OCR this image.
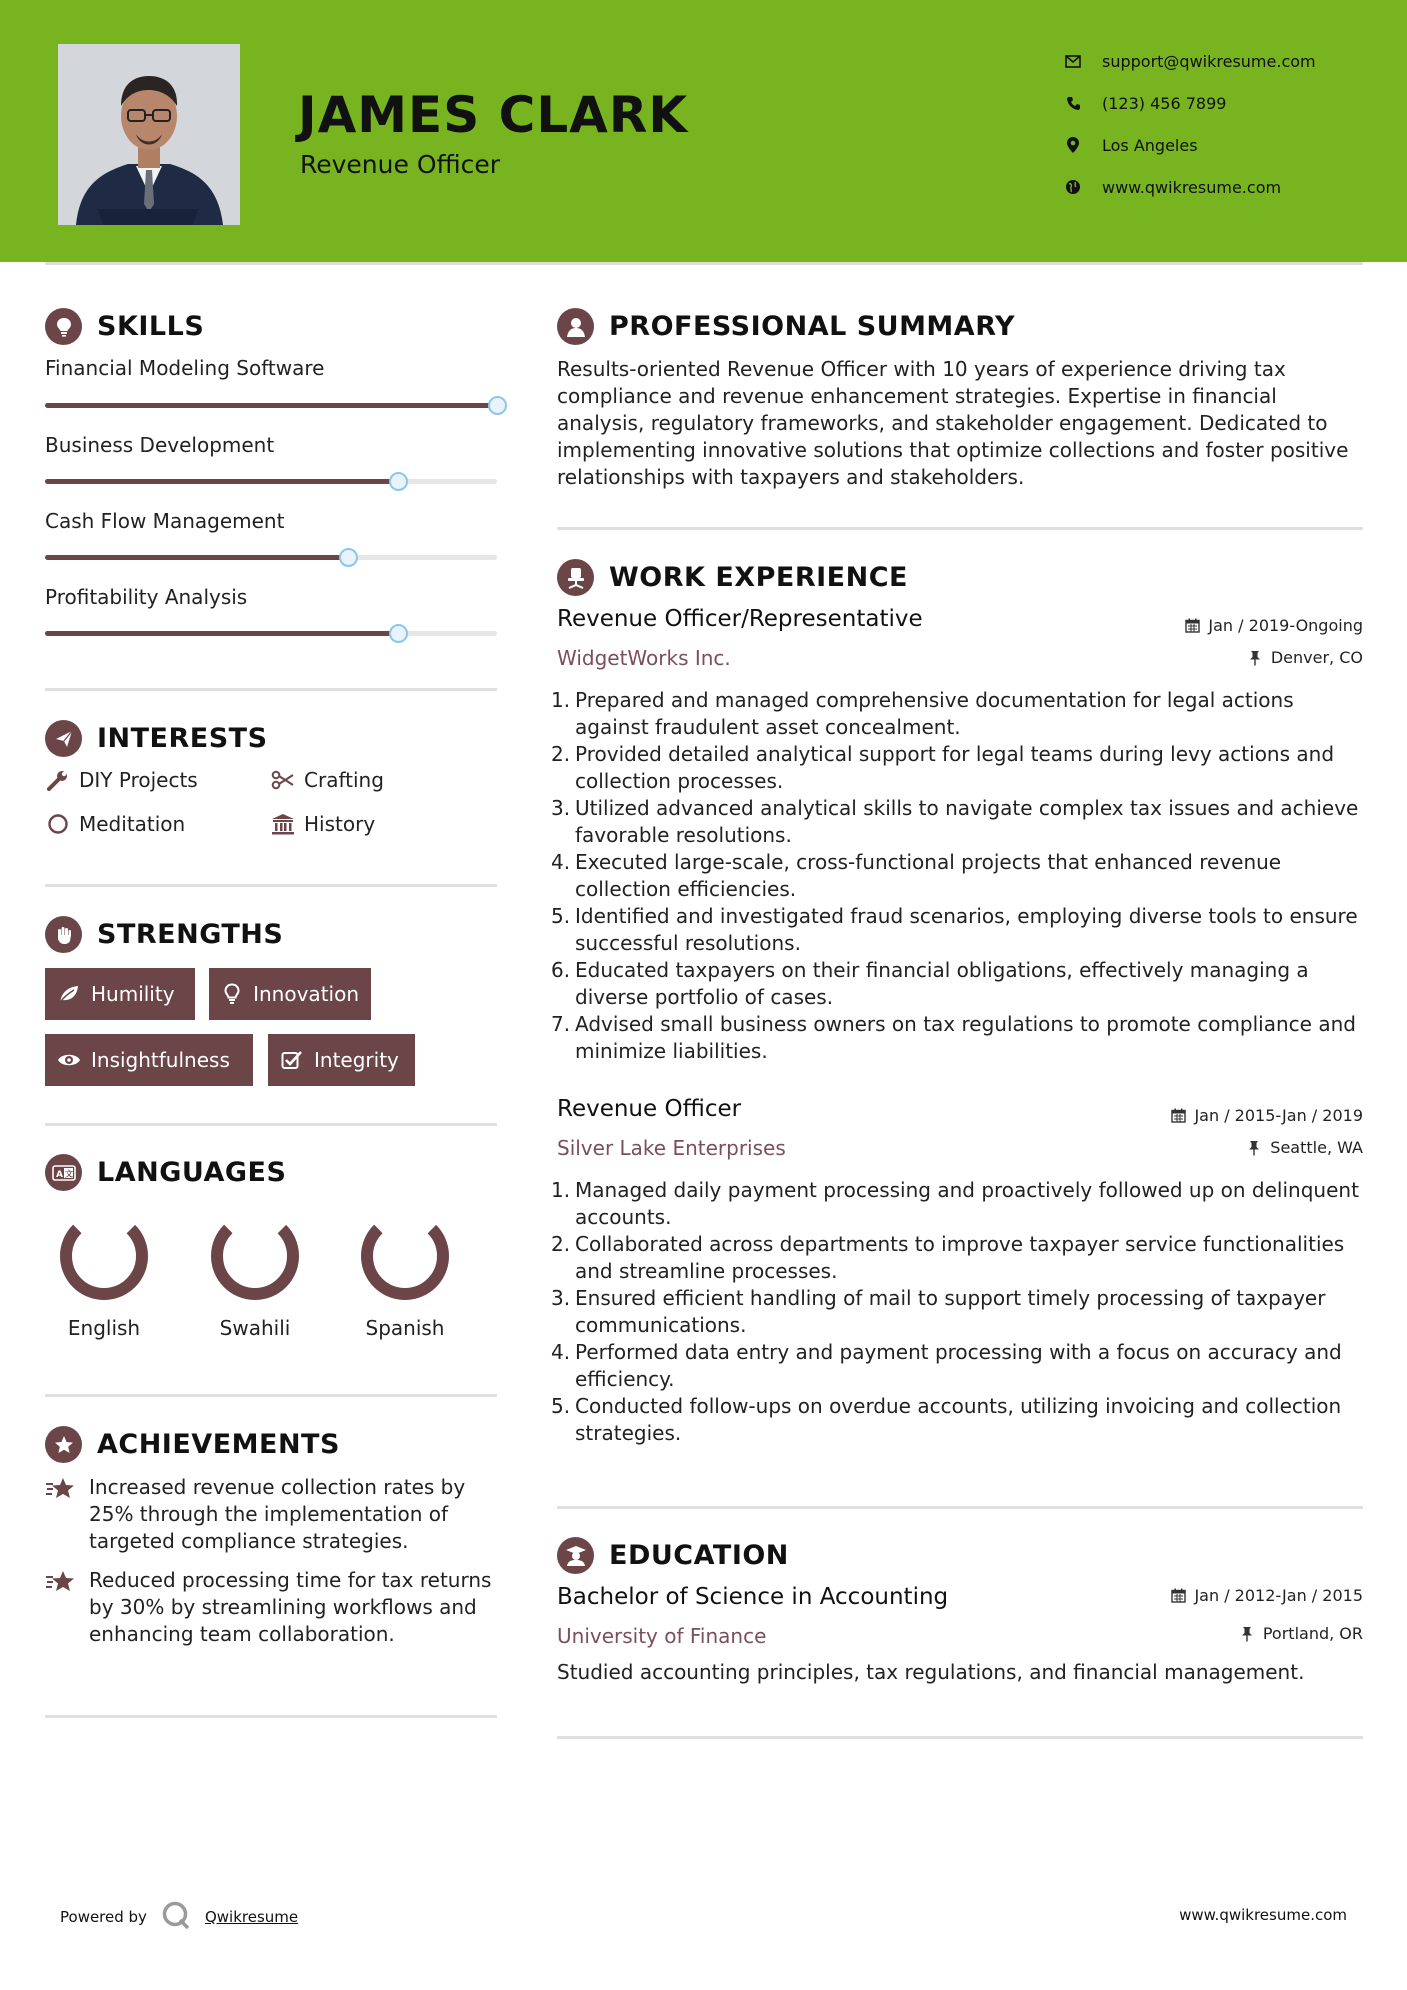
JAMES CLARK
Revenue Officer
support@qwikresume.com
(123) 456 7899
Los Angeles
www.qwikresume.com
SKILLS
Financial Modeling Software
Business Development
Cash Flow Management
Profitability Analysis
INTERESTS
DIY Projects	Crafting
Meditation	History
STRENGTHS
Humility	Innovation
Insightfulness	Integrity
A 文 LANGUAGES
English	Swahili	Spanish
ACHIEVEMENTS
Increased revenue collection rates by 25% through the implementation of targeted compliance strategies.
Reduced processing time for tax returns by 30% by streamlining workflows and enhancing team collaboration.
PROFESSIONAL SUMMARY
Results-oriented Revenue Officer with 10 years of experience driving tax compliance and revenue enhancement strategies. Expertise in financial analysis, regulatory frameworks, and stakeholder engagement. Dedicated to implementing innovative solutions that optimize collections and foster positive relationships with taxpayers and stakeholders.
WORK EXPERIENCE
Revenue Officer/Representative	Jan / 2019-Ongoing
WidgetWorks Inc.	Denver, CO
1. Prepared and managed comprehensive documentation for legal actions against fraudulent asset concealment.
2. Provided detailed analytical support for legal teams during levy actions and collection processes.
3. Utilized advanced analytical skills to navigate complex tax issues and achieve favorable resolutions.
4. Executed large-scale, cross-functional projects that enhanced revenue collection efficiencies.
5. Identified and investigated fraud scenarios, employing diverse tools to ensure successful resolutions.
6. Educated taxpayers on their financial obligations, effectively managing a diverse portfolio of cases.
7. Advised small business owners on tax regulations to promote compliance and minimize liabilities.
Revenue Officer	Jan / 2015-Jan / 2019
Silver Lake Enterprises	Seattle, WA
1. Managed daily payment processing and proactively followed up on delinquent accounts.
2. Collaborated across departments to improve taxpayer service functionalities and streamline processes.
3. Ensured efficient handling of mail to support timely processing of taxpayer communications.
4. Performed data entry and payment processing with a focus on accuracy and efficiency.
5. Conducted follow-ups on overdue accounts, utilizing invoicing and collection strategies.
EDUCATION
Bachelor of Science in Accounting	Jan / 2012-Jan / 2015
University of Finance	Portland, OR
Studied accounting principles, tax regulations, and financial management.
Powered by	Qwikresume	www.qwikresume.com
